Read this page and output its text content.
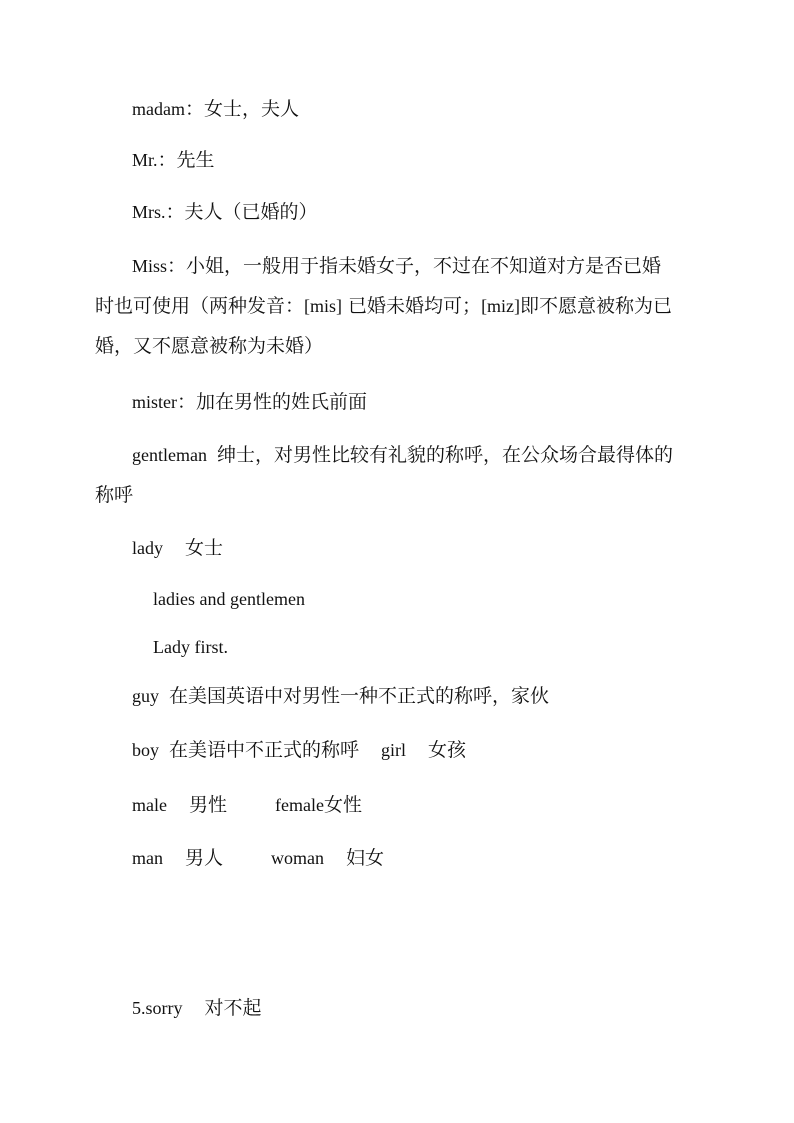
madam：女士，夫人
Mr.：先生
Mrs.：夫人（已婚的）
Miss：小姐，一般用于指未婚女子，不过在不知道对方是否已婚
时也可使用（两种发音：[mis] 已婚未婚均可；[miz]即不愿意被称为已
婚，又不愿意被称为未婚）
mister：加在男性的姓氏前面
gentleman 绅士，对男性比较有礼貌的称呼，在公众场合最得体的
称呼
lady 女士
ladies and gentlemen
Lady first.
guy 在美国英语中对男性一种不正式的称呼，家伙
boy 在美语中不正式的称呼 girl 女孩
male 男性	female女性
man 男人	woman 妇女
5.sorry 对不起
